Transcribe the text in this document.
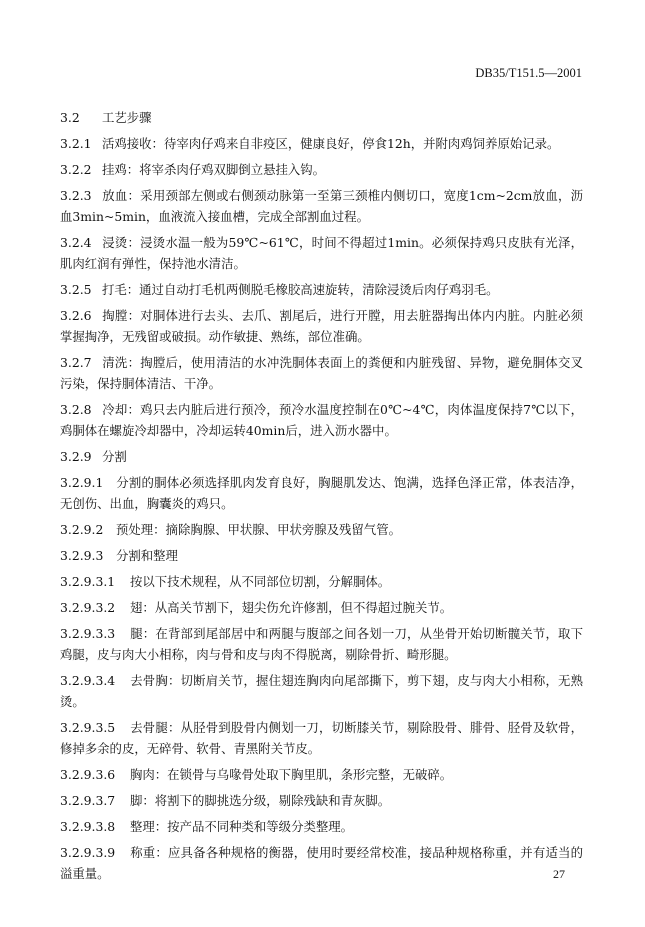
DB35/T151.5—2001

3.2 工艺步骤

3.2.1 活鸡接收：待宰肉仔鸡来自非疫区，健康良好，停食12h，并附肉鸡饲养原始记录。

3.2.2 挂鸡：将宰杀肉仔鸡双脚倒立悬挂入钩。

3.2.3 放血：采用颈部左侧或右侧颈动脉第一至第三颈椎内侧切口，宽度1cm~2cm放血，沥血3min~5min，血液流入接血槽，完成全部割血过程。

3.2.4 浸烫：浸烫水温一般为59℃~61℃，时间不得超过1min。必须保持鸡只皮肤有光泽，肌肉红润有弹性，保持池水清洁。

3.2.5 打毛：通过自动打毛机两侧脱毛橡胶高速旋转，清除浸烫后肉仔鸡羽毛。

3.2.6 掏膛：对胴体进行去头、去爪、割尾后，进行开膛，用去脏器掏出体内内脏。内脏必须掌握掏净，无残留或破损。动作敏捷、熟练，部位准确。

3.2.7 清洗：掏膛后，使用清洁的水冲洗胴体表面上的粪便和内脏残留、异物，避免胴体交叉污染，保持胴体清洁、干净。

3.2.8 冷却：鸡只去内脏后进行预冷，预冷水温度控制在0℃~4℃，肉体温度保持7℃以下，鸡胴体在螺旋冷却器中，冷却运转40min后，进入沥水器中。

3.2.9 分割

3.2.9.1 分割的胴体必须选择肌肉发育良好，胸腿肌发达、饱满，选择色泽正常，体表洁净，无创伤、出血，胸囊炎的鸡只。

3.2.9.2 预处理：摘除胸腺、甲状腺、甲状旁腺及残留气管。

3.2.9.3 分割和整理

3.2.9.3.1 按以下技术规程，从不同部位切割，分解胴体。

3.2.9.3.2 翅：从高关节割下，翅尖伤允许修割，但不得超过腕关节。

3.2.9.3.3 腿：在背部到尾部居中和两腿与腹部之间各划一刀，从坐骨开始切断髋关节，取下鸡腿，皮与肉大小相称，肉与骨和皮与肉不得脱离，剔除骨折、畸形腿。

3.2.9.3.4 去骨胸：切断肩关节，握住翅连胸肉向尾部撕下，剪下翅，皮与肉大小相称，无熟烫。

3.2.9.3.5 去骨腿：从胫骨到股骨内侧划一刀，切断膝关节，剔除股骨、腓骨、胫骨及软骨，修掉多余的皮，无碎骨、软骨、青黑附关节皮。

3.2.9.3.6 胸肉：在锁骨与乌喙骨处取下胸里肌，条形完整，无破碎。

3.2.9.3.7 脚：将割下的脚挑选分级，剔除残缺和青灰脚。

3.2.9.3.8 整理：按产品不同种类和等级分类整理。

3.2.9.3.9 称重：应具备各种规格的衡器，使用时要经常校准，接品种规格称重，并有适当的溢重量。	27
